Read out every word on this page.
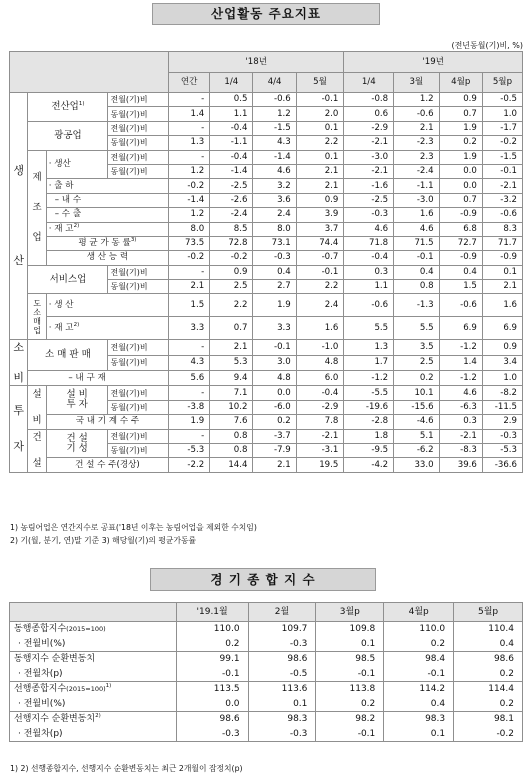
산업활동 주요지표
(전년동월(기)비, %)
				'18년				'19년			
				연간	1/4	4/4	5월	1/4	3월	4월p	5월p
생

산	전산업$^{1)}$		전월(기)비	-	0.5	-0.6	-0.1	-0.8	1.2	0.9	-0.5
			동월(기)비	1.4	1.1	1.2	2.0	0.6	-0.6	0.7	1.0
	광공업		전월(기)비	-	-0.4	-1.5	0.1	-2.9	2.1	1.9	-1.7
			동월(기)비	1.3	-1.1	4.3	2.2	-2.1	-2.3	0.2	-0.2
	제

조

업	· 생산	전월(기)비	-	-0.4	-1.4	0.1	-3.0	2.3	1.9	-1.5
			동월(기)비	1.2	-1.4	4.6	2.1	-2.1	-2.4	0.0	-0.1
		· 출 하		-0.2	-2.5	3.2	2.1	-1.6	-1.1	0.0	-2.1
		– 내 수		-1.4	-2.6	3.6	0.9	-2.5	-3.0	0.7	-3.2
		– 수 출		1.2	-2.4	2.4	3.9	-0.3	1.6	-0.9	-0.6
		· 재 고$^{2)}$		8.0	8.5	8.0	3.7	4.6	4.6	6.8	8.3
		평 균 가 동 률$^{3)}$		73.5	72.8	73.1	74.4	71.8	71.5	72.7	71.7
		생 산 능 력		-0.2	-0.2	-0.3	-0.7	-0.4	-0.1	-0.9	-0.9
	서비스업		전월(기)비	-	0.9	0.4	-0.1	0.3	0.4	0.4	0.1
			동월(기)비	2.1	2.5	2.7	2.2	1.1	0.8	1.5	2.1
	도소매업	· 생 산		1.5	2.2	1.9	2.4	-0.6	-1.3	-0.6	1.6
		· 재 고$^{2)}$		3.3	0.7	3.3	1.6	5.5	5.5	6.9	6.9
소

비	소 매 판 매		전월(기)비	-	2.1	-0.1	-1.0	1.3	3.5	-1.2	0.9
			동월(기)비	4.3	5.3	3.0	4.8	1.7	2.5	1.4	3.4
	– 내 구 재			5.6	9.4	4.8	6.0	-1.2	0.2	-1.2	1.0
투

자	설

비	설 비
투 자	전월(기)비	-	7.1	0.0	-0.4	-5.5	10.1	4.6	-8.2
			동월(기)비	-3.8	10.2	-6.0	-2.9	-19.6	-15.6	-6.3	-11.5
		국 내 기 계 수 주		1.9	7.6	0.2	7.8	-2.8	-4.6	0.3	2.9
	건

설	건 설
기 성	전월(기)비	-	0.8	-3.7	-2.1	1.8	5.1	-2.1	-0.3
			동월(기)비	-5.3	0.8	-7.9	-3.1	-9.5	-6.2	-8.3	-5.3
		건 설 수 주(경상)		-2.2	14.4	2.1	19.5	-4.2	33.0	39.6	-36.6
1) 농림어업은 연간지수로 공표('18년 이후는 농림어업을 제외한 수치임)
2) 기(월, 분기, 연)말 기준 3) 해당월(기)의 평균가동률
경 기 종 합 지 수
	'19.1월	2월	3월p	4월p	5월p
동행종합지수(2015=100)	110.0	109.7	109.8	110.0	110.4
· 전월비(%)	0.2	-0.3	0.1	0.2	0.4
동행지수 순환변동치	99.1	98.6	98.5	98.4	98.6
· 전월차(p)	-0.1	-0.5	-0.1	-0.1	0.2
선행종합지수(2015=100)$^{1)}$	113.5	113.6	113.8	114.2	114.4
· 전월비(%)	0.0	0.1	0.2	0.4	0.2
선행지수 순환변동치$^{2)}$	98.6	98.3	98.2	98.3	98.1
· 전월차(p)	-0.3	-0.3	-0.1	0.1	-0.2
1) 2) 선행종합지수, 선행지수 순환변동치는 최근 2개월이 잠정치(p)
